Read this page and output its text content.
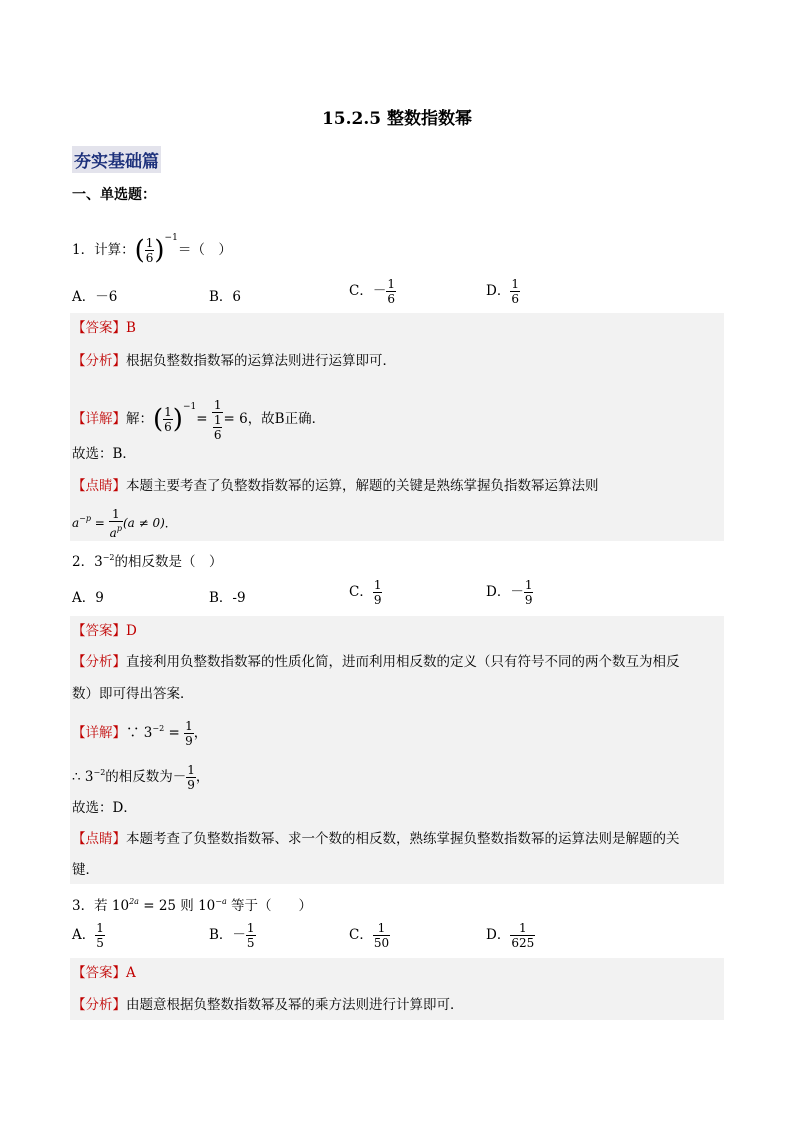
15.2.5 整数指数幂
夯实基础篇
一、单选题：
1．计算：( $\frac{1}{6} )^{-1}=$（　）
A．－6	B．6	C．－ $\frac{1}{6}$	D． $\frac{1}{6}$
【答案】B
【分析】根据负整数指数幂的运算法则进行运算即可．
【详解】解：( $\frac{1}{6} )^{-1}= \frac{1}{\frac{1}{6}} = 6$，故B正确．
故选：B．
【点睛】本题主要考查了负整数指数幂的运算，解题的关键是熟练掌握负指数幂运算法则
$a^{-p} = \frac{1}{a^p} (a \ne 0)$．
2．$3^{-2}$的相反数是（　）
A．9	B．-9	C． $\frac{1}{9}$	D．－ $\frac{1}{9}$
【答案】D
【分析】直接利用负整数指数幂的性质化简，进而利用相反数的定义（只有符号不同的两个数互为相反
数）即可得出答案．
【详解】∵ $3^{-2} = \frac{1}{9}$ ，
∴ $3^{-2}$的相反数为－ $\frac{1}{9}$ ，
故选：D．
【点睛】本题考查了负整数指数幂、求一个数的相反数，熟练掌握负整数指数幂的运算法则是解题的关
键．
3．若 $10^{2a} = 25$ 则 $10^{-a}$ 等于（　　）
A． $\frac{1}{5}$	B．－ $\frac{1}{5}$	C． $\frac{1}{50}$	D． $\frac{1}{625}$
【答案】A
【分析】由题意根据负整数指数幂及幂的乘方法则进行计算即可．
